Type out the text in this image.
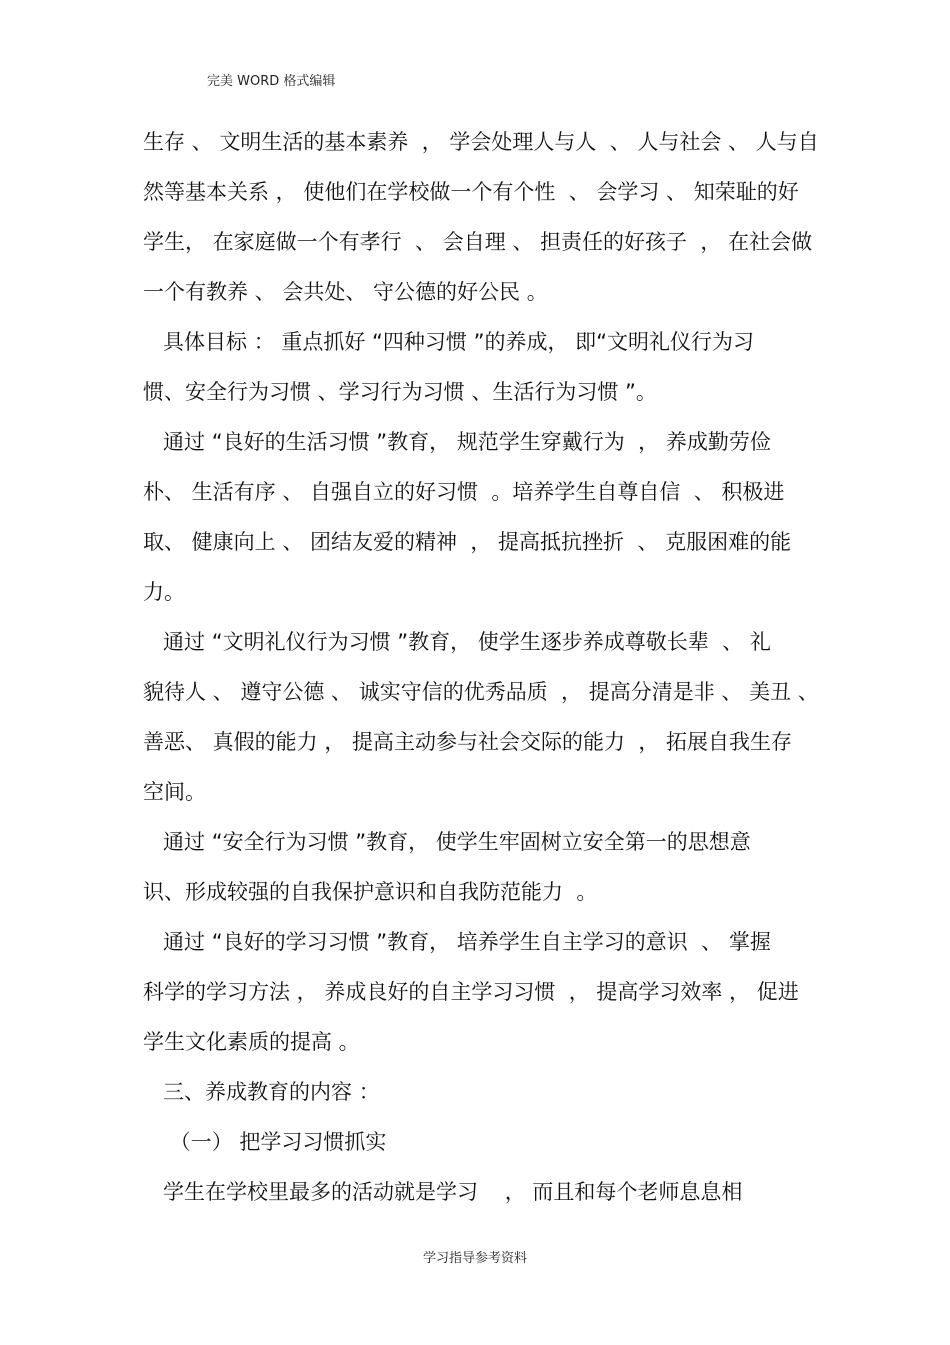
完美 WORD 格式编辑
生存 、 文明生活的基本素养  ， 学会处理人与人  、 人与社会 、 人与自
然等基本关系 ， 使他们在学校做一个有个性  、 会学习 、 知荣耻的好
学生， 在家庭做一个有孝行  、 会自理 、 担责任的好孩子  ， 在社会做
一个有教养 、 会共处、 守公德的好公民 。
具体目标 ： 重点抓好 “四种习惯 ”的养成， 即“文明礼仪行为习
惯、安全行为习惯 、学习行为习惯 、生活行为习惯 ”。
通过 “良好的生活习惯 ”教育， 规范学生穿戴行为  ， 养成勤劳俭
朴、 生活有序 、 自强自立的好习惯  。培养学生自尊自信  、 积极进
取、 健康向上 、 团结友爱的精神  ， 提高抵抗挫折  、 克服困难的能
力。
通过 “文明礼仪行为习惯 ”教育， 使学生逐步养成尊敬长辈  、 礼
貌待人 、 遵守公德 、 诚实守信的优秀品质  ， 提高分清是非 、 美丑 、
善恶、 真假的能力 ， 提高主动参与社会交际的能力  ， 拓展自我生存
空间。
通过 “安全行为习惯 ”教育， 使学生牢固树立安全第一的思想意
识、形成较强的自我保护意识和自我防范能力  。
通过 “良好的学习习惯 ”教育， 培养学生自主学习的意识  、 掌握
科学的学习方法 ， 养成良好的自主学习习惯  ， 提高学习效率 ， 促进
学生文化素质的提高 。
三、养成教育的内容 ：
（一） 把学习习惯抓实
学生在学校里最多的活动就是学习    ， 而且和每个老师息息相
学习指导参考资料
